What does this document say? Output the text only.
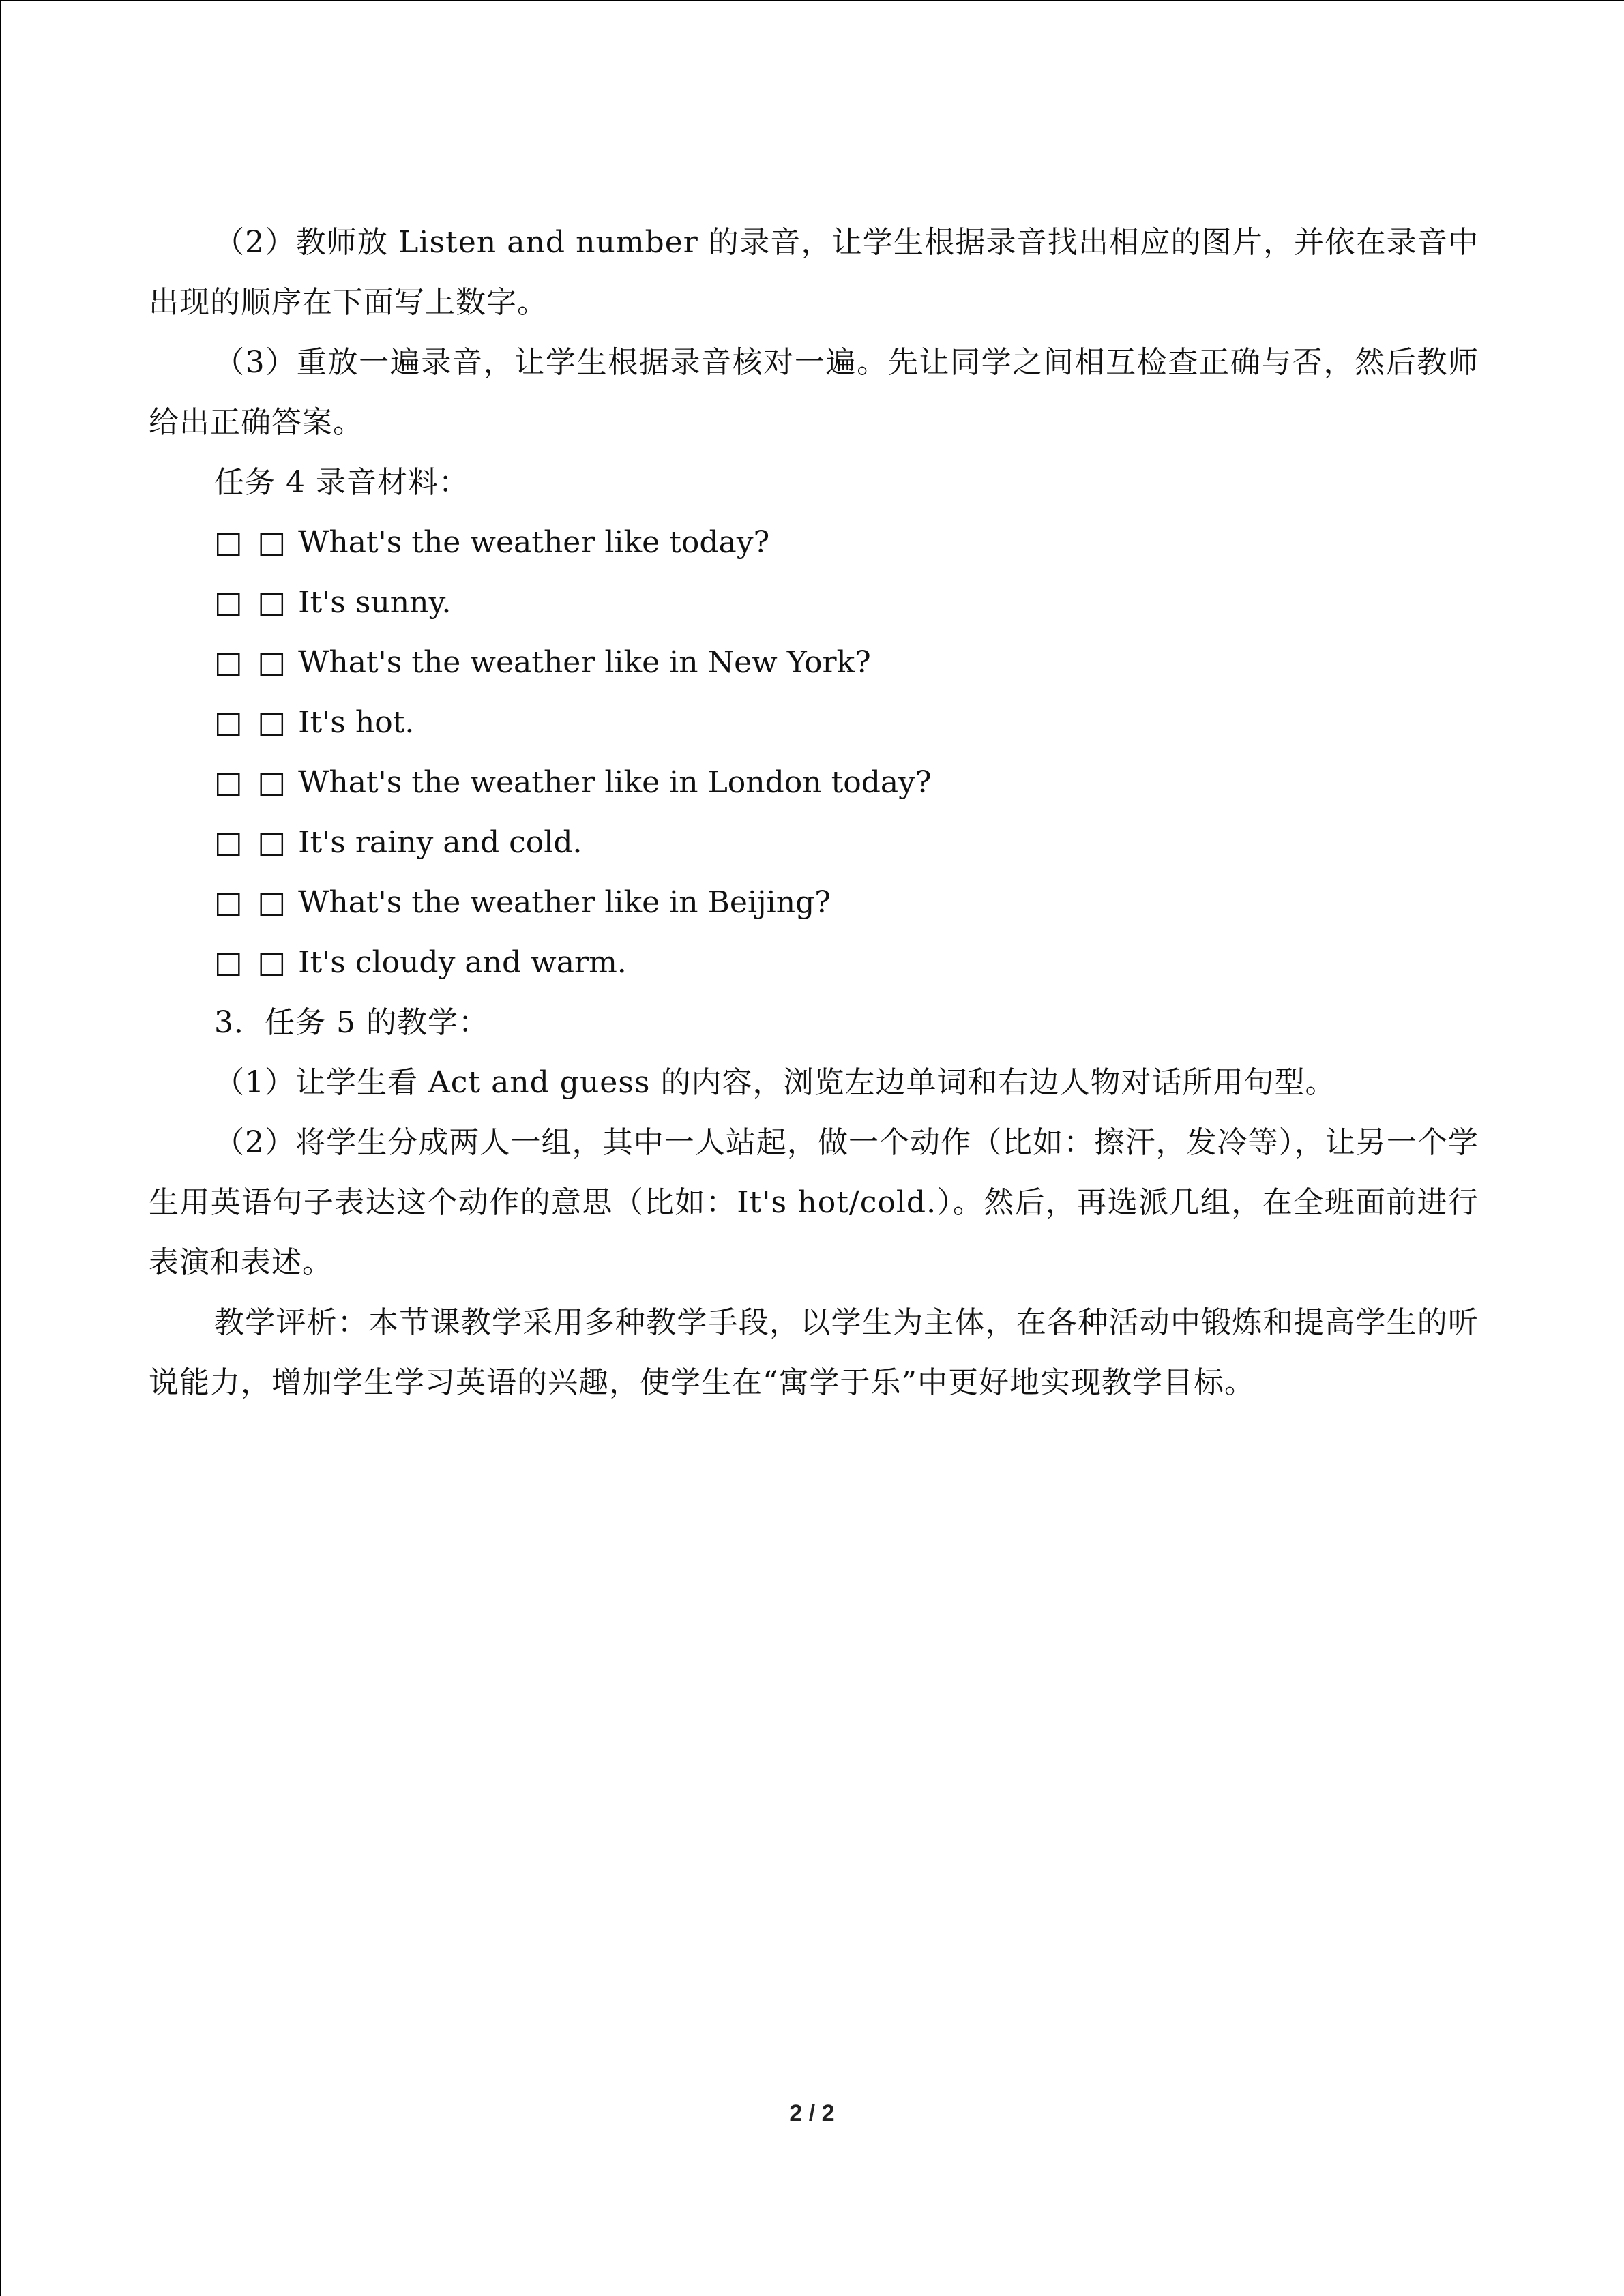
（2）教师放 Listen and number 的录音，让学生根据录音找出相应的图片，并依在录音中出现的顺序在下面写上数字。

（3）重放一遍录音，让学生根据录音核对一遍。先让同学之间相互检查正确与否，然后教师给出正确答案。

任务 4 录音材料：

□ □ What's the weather like today?
□ □ It's sunny.
□ □ What's the weather like in New York?
□ □ It's hot.
□ □ What's the weather like in London today?
□ □ It's rainy and cold.
□ □ What's the weather like in Beijing?
□ □ It's cloudy and warm.

3．任务 5 的教学：

（1）让学生看 Act and guess 的内容，浏览左边单词和右边人物对话所用句型。

（2）将学生分成两人一组，其中一人站起，做一个动作（比如：擦汗，发冷等），让另一个学生用英语句子表达这个动作的意思（比如：It's hot/cold.）。然后，再选派几组，在全班面前进行表演和表述。

教学评析：本节课教学采用多种教学手段，以学生为主体，在各种活动中锻炼和提高学生的听说能力，增加学生学习英语的兴趣，使学生在“寓学于乐”中更好地实现教学目标。

2 / 2
